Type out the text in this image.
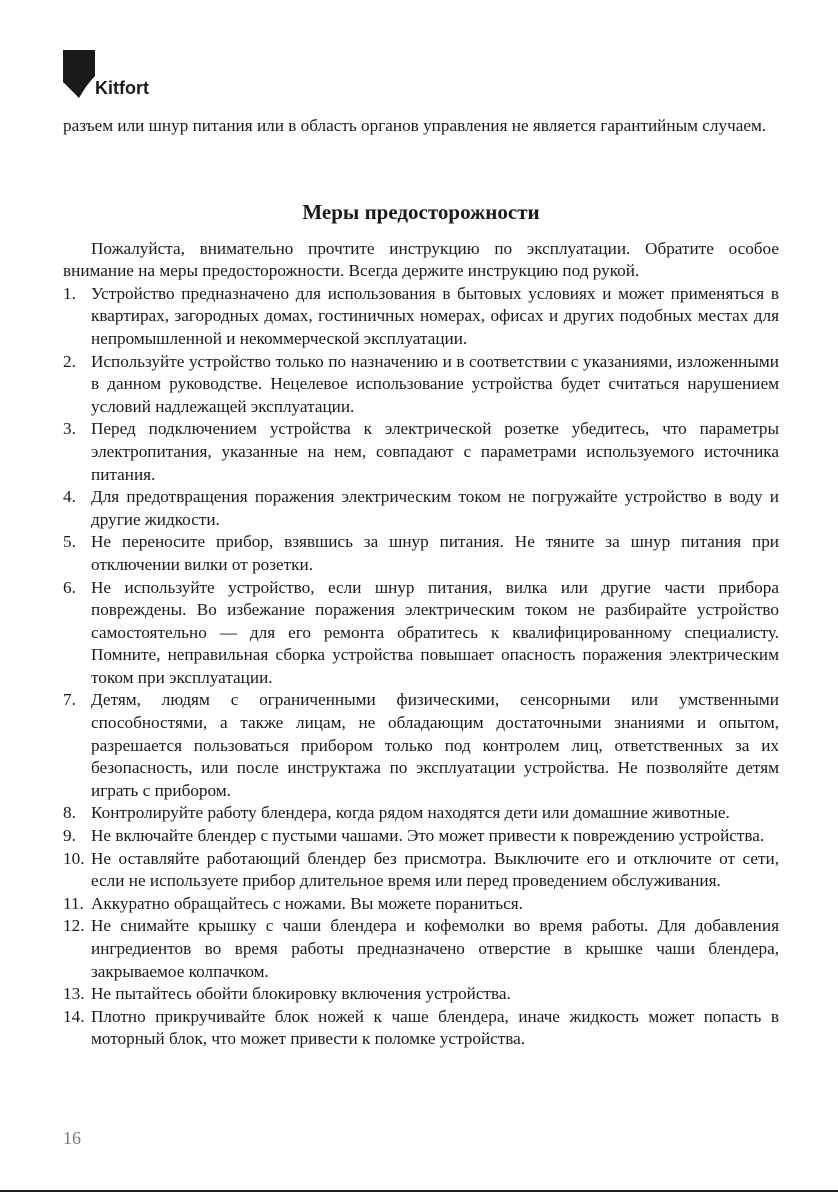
Kitfort

разъем или шнур питания или в область органов управления не является гарантийным случаем.

Меры предосторожности

Пожалуйста, внимательно прочтите инструкцию по эксплуатации. Обратите особое внимание на меры предосторожности. Всегда держите инструкцию под рукой.

1. Устройство предназначено для использования в бытовых условиях и может применяться в квартирах, загородных домах, гостиничных номерах, офисах и других подобных местах для непромышленной и некоммерческой эксплуатации.
2. Используйте устройство только по назначению и в соответствии с указаниями, изложенными в данном руководстве. Нецелевое использование устройства будет считаться нарушением условий надлежащей эксплуатации.
3. Перед подключением устройства к электрической розетке убедитесь, что параметры электропитания, указанные на нем, совпадают с параметрами используемого источника питания.
4. Для предотвращения поражения электрическим током не погружайте устройство в воду и другие жидкости.
5. Не переносите прибор, взявшись за шнур питания. Не тяните за шнур питания при отключении вилки от розетки.
6. Не используйте устройство, если шнур питания, вилка или другие части прибора повреждены. Во избежание поражения электрическим током не разбирайте устройство самостоятельно — для его ремонта обратитесь к квалифицированному специалисту. Помните, неправильная сборка устройства повышает опасность поражения электрическим током при эксплуатации.
7. Детям, людям с ограниченными физическими, сенсорными или умственными способностями, а также лицам, не обладающим достаточными знаниями и опытом, разрешается пользоваться прибором только под контролем лиц, ответственных за их безопасность, или после инструктажа по эксплуатации устройства. Не позволяйте детям играть с прибором.
8. Контролируйте работу блендера, когда рядом находятся дети или домашние животные.
9. Не включайте блендер с пустыми чашами. Это может привести к повреждению устройства.
10. Не оставляйте работающий блендер без присмотра. Выключите его и отключите от сети, если не используете прибор длительное время или перед проведением обслуживания.
11. Аккуратно обращайтесь с ножами. Вы можете пораниться.
12. Не снимайте крышку с чаши блендера и кофемолки во время работы. Для добавления ингредиентов во время работы предназначено отверстие в крышке чаши блендера, закрываемое колпачком.
13. Не пытайтесь обойти блокировку включения устройства.
14. Плотно прикручивайте блок ножей к чаше блендера, иначе жидкость может попасть в моторный блок, что может привести к поломке устройства.
16
